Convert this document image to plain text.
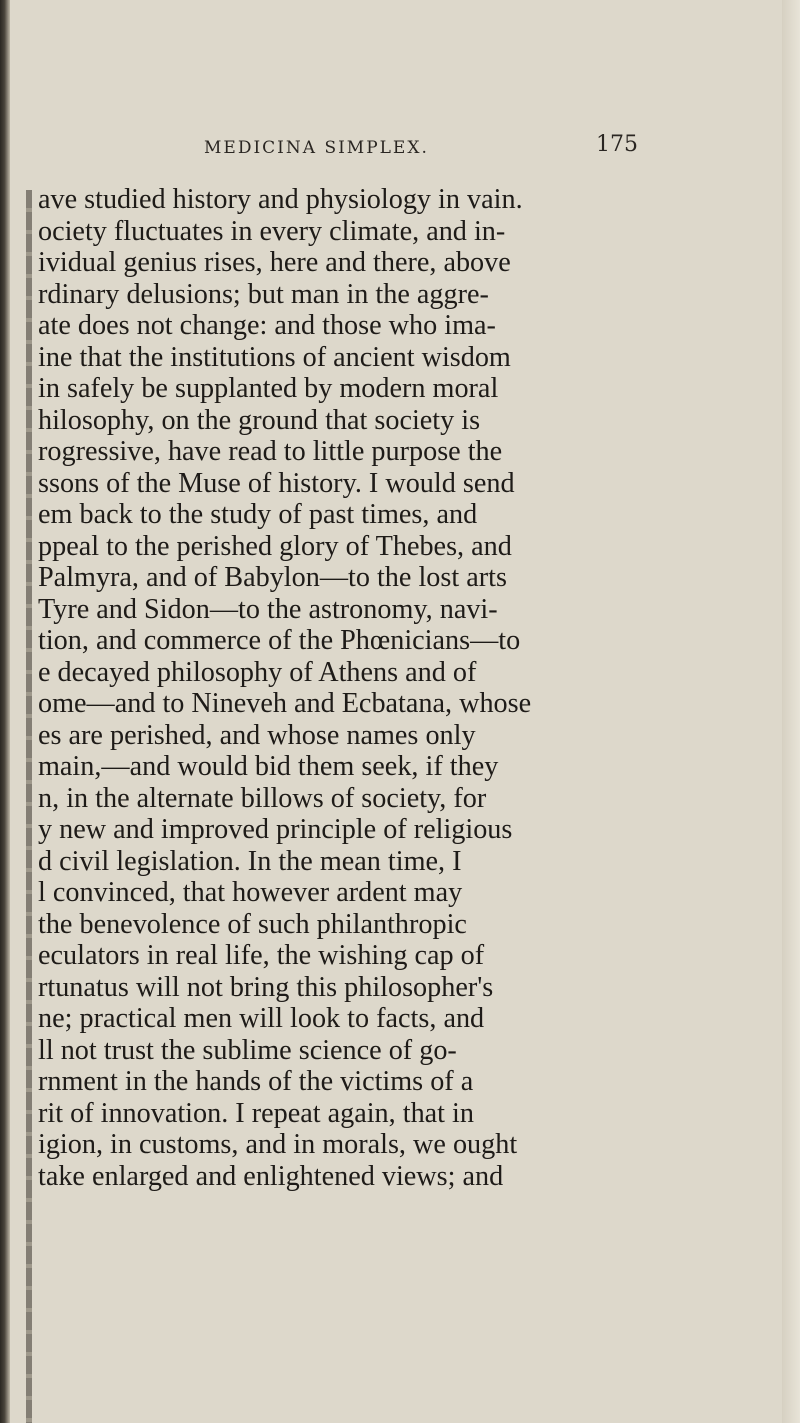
MEDICINA SIMPLEX.	175
ave studied history and physiology in vain.
ociety fluctuates in every climate, and in-
ividual genius rises, here and there, above
rdinary delusions; but man in the aggre-
ate does not change: and those who ima-
ine that the institutions of ancient wisdom
in safely be supplanted by modern moral
hilosophy, on the ground that society is
rogressive, have read to little purpose the
ssons of the Muse of history. I would send
em back to the study of past times, and
ppeal to the perished glory of Thebes, and
Palmyra, and of Babylon—to the lost arts
Tyre and Sidon—to the astronomy, navi-
tion, and commerce of the Phœnicians—to
e decayed philosophy of Athens and of
ome—and to Nineveh and Ecbatana, whose
es are perished, and whose names only
main,—and would bid them seek, if they
n, in the alternate billows of society, for
y new and improved principle of religious
d civil legislation. In the mean time, I
l convinced, that however ardent may
the benevolence of such philanthropic
eculators in real life, the wishing cap of
rtunatus will not bring this philosopher's
ne; practical men will look to facts, and
ll not trust the sublime science of go-
rnment in the hands of the victims of a
rit of innovation. I repeat again, that in
igion, in customs, and in morals, we ought
take enlarged and enlightened views; and
